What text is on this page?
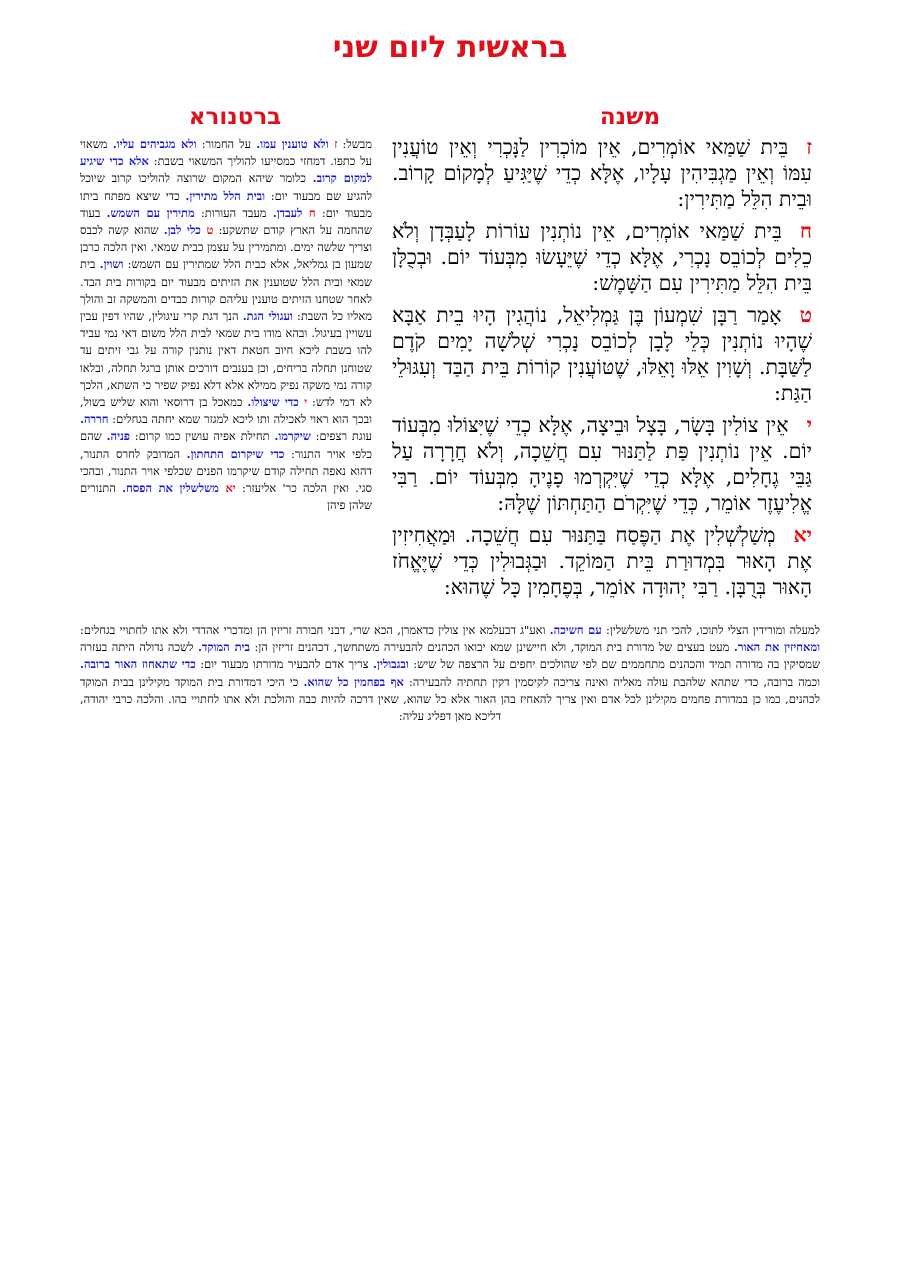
בראשית ליום שני
משנה
ברטנורא

זבֵּית שַׁמַּאי אוֹמְרִים, אֵין מוֹכְרִין לַנָּכְרִי וְאֵין טוֹעֲנִין עִמּוֹ וְאֵין מַגְבִּיהִין עָלָיו, אֶלָּא כְדֵי שֶׁיַּגִּיעַ לְמָקוֹם קָרוֹב. וּבֵית הִלֵּל מַתִּירִין:

חבֵּית שַׁמַּאי אוֹמְרִים, אֵין נוֹתְנִין עוֹרוֹת לָעַבְּדָן וְלֹא כֵלִים לְכוֹבֵס נָכְרִי, אֶלָּא כְדֵי שֶׁיֵּעָשׂוּ מִבְּעוֹד יוֹם. וּבְכֻלָּן בֵּית הִלֵּל מַתִּירִין עִם הַשָּׁמֶשׁ:

טאָמַר רַבָּן שִׁמְעוֹן בֶּן גַּמְלִיאֵל, נוֹהֲגִין הָיוּ בֵית אַבָּא שֶׁהָיוּ נוֹתְנִין כְּלֵי לָבָן לְכוֹבֵס נָכְרִי שְׁלֹשָׁה יָמִים קֹדֶם לַשַּׁבָּת. וְשָׁוִין אֵלּוּ וָאֵלּוּ, שֶׁטּוֹעֲנִין קוֹרוֹת בֵּית הַבַּד וְעִגּוּלֵי הַגַּת:

יאֵין צוֹלִין בָּשָׂר, בָּצָל וּבֵיצָה, אֶלָּא כְדֵי שֶׁיִּצּוֹלוּ מִבְּעוֹד יוֹם. אֵין נוֹתְנִין פַּת לַתַּנּוּר עִם חֲשֵׁכָה, וְלֹא חֲרָרָה עַל גַּבֵּי גֶחָלִים, אֶלָּא כְדֵי שֶׁיִּקְרְמוּ פָנֶיהָ מִבְּעוֹד יוֹם. רַבִּי אֱלִיעֶזֶר אוֹמֵר, כְּדֵי שֶׁיִּקְרֹם הַתַּחְתּוֹן שֶׁלָּהּ:

יאמְשַׁלְשְׁלִין אֶת הַפֶּסַח בַּתַּנּוּר עִם חֲשֵׁכָה. וּמַאֲחִיזִין אֶת הָאוּר בִּמְדוּרַת בֵּית הַמּוֹקֵד. וּבַגְּבוּלִין כְּדֵי שֶׁיֶּאֱחֹז הָאוּר בְּרֻבָּן. רַבִּי יְהוּדָה אוֹמֵר, בְּפֶחָמִין כָּל שֶׁהוּא:

מבשל: ז ולא טוענין עמו. על החמור: ולא מגביהים עליו. משאוי על כתפו. דמחזי כמסייעו להוליך המשאוי בשבת: אלא כדי שיגיע למקום קרוב. כלומר שיהא המקום שרוצה להוליכו קרוב שיוכל להגיע שם מבעוד יום: ובית הלל מתירין. כדי שיצא מפתח ביתו מבעוד יום: ח לעבדן. מעבד העורות: מתירין עם השמש. בעוד שהחמה על הארץ קודם שתשקע: ט כלי לבן. שהוא קשה לכבס וצריך שלשה ימים. ומתמירין על עצמן כבית שמאי. ואין הלכה כרבן שמעון בן גמליאל, אלא כבית הלל שמתירין עם השמש: ושוין. בית שמאי ובית הלל שטוענין את הזיתים מבעוד יום בקורות בית הבד. לאחר שטחנו הזיתים טוענין עליהם קורות כבדים והמשקה זב והולך מאליו כל השבת: ועגולי הגת. הנך דגת קרי עיגולין, שהיו דפין עבין עשויין בעיגול. ובהא מודו בית שמאי לבית הלל משום דאי נמי עביד להו בשבת ליכא חיוב חטאת דאין נותנין קורה על גבי זיתים עד שטוחנן תחלה בריחים, וכן בענבים דורכים אותן ברגל תחלה, ובלאו קורה נמי משקה נפיק ממילא אלא דלא נפיק שפיר כי השתא, הלכך לא דמי לדש: י כדי שיצולו. כמאכל בן דרוסאי והוא שליש בשול, ובכך הוא ראוי לאכילה ותו ליכא למגזר שמא יחתה בגחלים: חררה. עוגת רצפים: שיקרמו. תחילת אפיה עושין כמו קרום: פניה. שהם כלפי אויר התנור: כדי שיקרום התחתון. המדובק לחרס התנור, דהוא נאפה תחילה קודם שיקרמו הפנים שכלפי אויר התנור, ובהכי סגי. ואין הלכה כר' אליעזר: יא משלשלין את הפסח. התנורים שלהן פיהן
למעלה ומורידין הצלי לתוכו, להכי תני משלשלין: עם חשיכה. ואע"ג דבעלמא אין צולין כדאמרן, הכא שרי, דבני חבורה זריזין הן ומדכרי אהדדי ולא אתו לחתויי בגחלים: ומאחיזין את האור. מעט בעצים של מדורת בית המוקד, ולא חיישינן שמא יבואו הכהנים להבעירה משתחשך, דכהנים זריזין הן: בית המוקד. לשכה גדולה היתה בעזרה שמסיקין בה מדורה תמיד והכהנים מתחממים שם לפי שהולכים יחפים על הרצפה של שיש: ובגבולין. צריך אדם להבעיר מדורתו מבעוד יום: כדי שתאחוז האור ברובה. וכמה ברובה, כדי שתהא שלהבת עולה מאליה ואינה צריכה לקיסמין דקין תחתיה להבעירה: אף בפחמין כל שהוא. כי היכי דמדורת בית המוקד מקילינן בבית המוקד לכהנים, כמו כן במדורת פחמים מקילינן לכל אדם ואין צריך להאחיז בהן האור אלא כל שהוא, שאין דרכה להיות כבה והולכת ולא אתו לחתויי בהו. והלכה כרבי יהודה, דליכא מאן דפליג עליה:
